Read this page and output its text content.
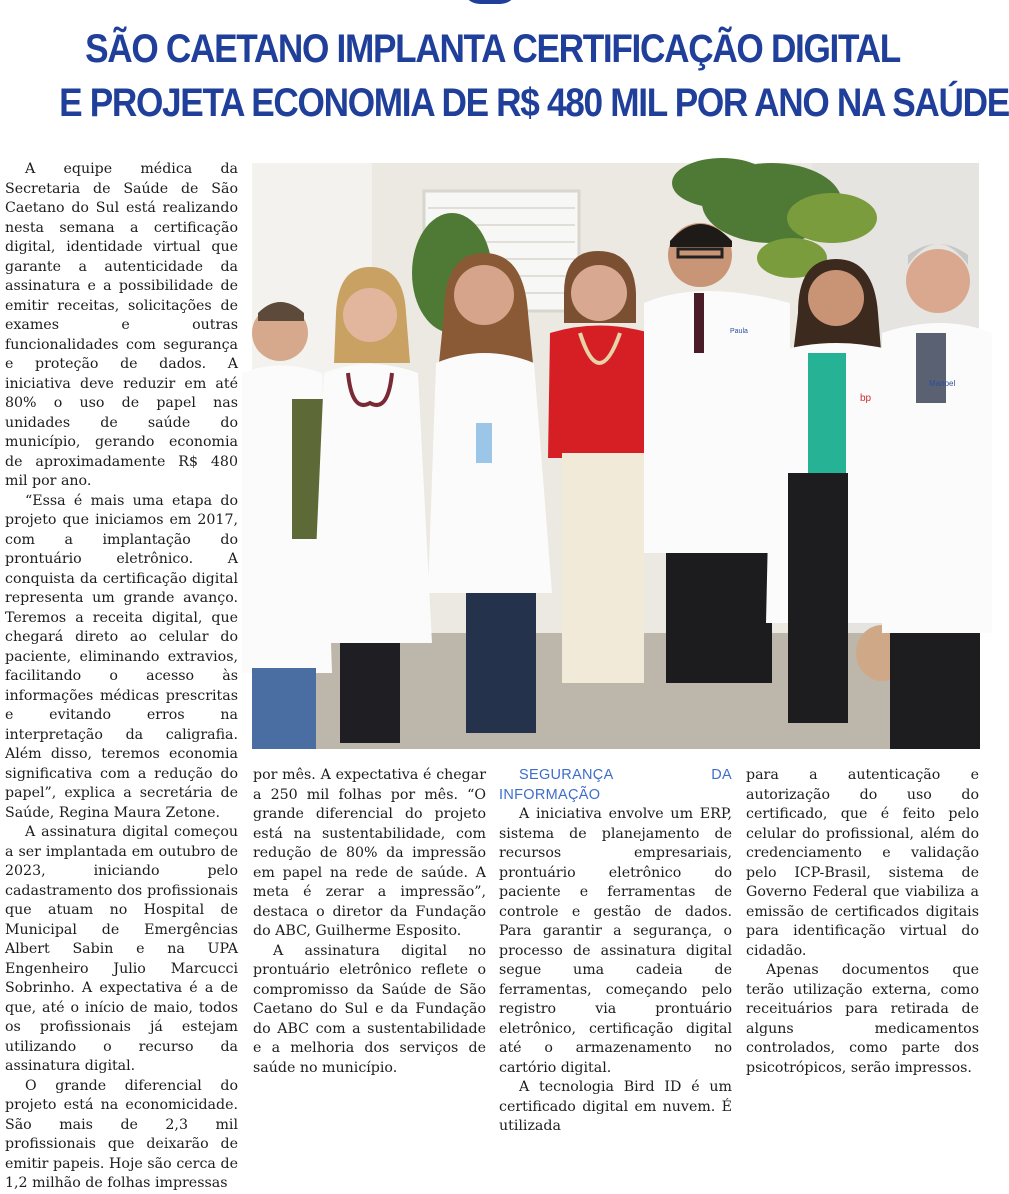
SÃO CAETANO IMPLANTA CERTIFICAÇÃO DIGITAL
E PROJETA ECONOMIA DE R$ 480 MIL POR ANO NA SAÚDE

A equipe médica da Secretaria de Saúde de São Caetano do Sul está realizando nesta semana a certificação digital, identidade virtual que garante a autenticidade da assinatura e a possibilidade de emitir receitas, solicitações de exames e outras funcionalidades com segurança e proteção de dados. A iniciativa deve reduzir em até 80% o uso de papel nas unidades de saúde do município, gerando economia de aproximadamente R$ 480 mil por ano.

“Essa é mais uma etapa do projeto que iniciamos em 2017, com a implantação do prontuário eletrônico. A conquista da certificação digital representa um grande avanço. Teremos a receita digital, que chegará direto ao celular do paciente, eliminando extravios, facilitando o acesso às informações médicas prescritas e evitando erros na interpretação da caligrafia. Além disso, teremos economia significativa com a redução do papel”, explica a secretária de Saúde, Regina Maura Zetone.

A assinatura digital começou a ser implantada em outubro de 2023, iniciando pelo cadastramento dos profissionais que atuam no Hospital de Municipal de Emergências Albert Sabin e na UPA Engenheiro Julio Marcucci Sobrinho. A expectativa é a de que, até o início de maio, todos os profissionais já estejam utilizando o recurso da assinatura digital.

O grande diferencial do projeto está na economicidade. São mais de 2,3 mil profissionais que deixarão de emitir papeis. Hoje são cerca de 1,2 milhão de folhas impressas

bp
Manoel
Paula

por mês. A expectativa é chegar a 250 mil folhas por mês. “O grande diferencial do projeto está na sustentabilidade, com redução de 80% da impressão em papel na rede de saúde. A meta é zerar a impressão”, destaca o diretor da Fundação do ABC, Guilherme Esposito.

A assinatura digital no prontuário eletrônico reflete o compromisso da Saúde de São Caetano do Sul e da Fundação do ABC com a sustentabilidade e a melhoria dos serviços de saúde no município.

SEGURANÇA DA INFORMAÇÃO

A iniciativa envolve um ERP, sistema de planejamento de recursos empresariais, prontuário eletrônico do paciente e ferramentas de controle e gestão de dados. Para garantir a segurança, o processo de assinatura digital segue uma cadeia de ferramentas, começando pelo registro via prontuário eletrônico, certificação digital até o armazenamento no cartório digital.

A tecnologia Bird ID é um certificado digital em nuvem. É utilizada

para a autenticação e autorização do uso do certificado, que é feito pelo celular do profissional, além do credenciamento e validação pelo ICP-Brasil, sistema de Governo Federal que viabiliza a emissão de certificados digitais para identificação virtual do cidadão.

Apenas documentos que terão utilização externa, como receituários para retirada de alguns medicamentos controlados, como parte dos psicotrópicos, serão impressos.
